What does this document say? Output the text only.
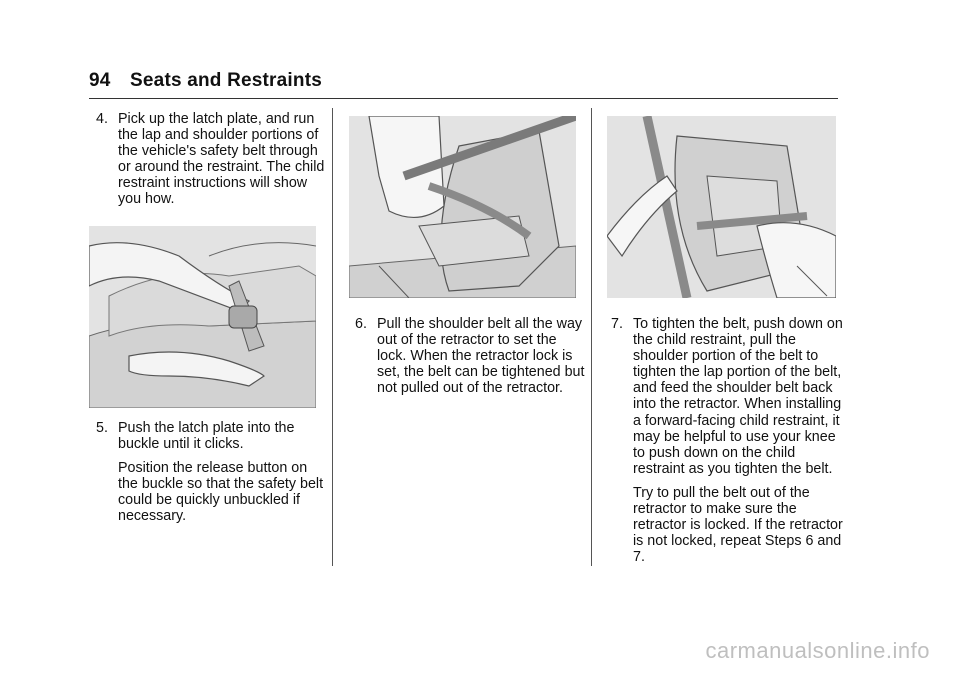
94 Seats and Restraints
4. Pick up the latch plate, and run the lap and shoulder portions of the vehicle's safety belt through or around the restraint. The child restraint instructions will show you how.
5. Push the latch plate into the buckle until it clicks.
Position the release button on the buckle so that the safety belt could be quickly unbuckled if necessary.
6. Pull the shoulder belt all the way out of the retractor to set the lock. When the retractor lock is set, the belt can be tightened but not pulled out of the retractor.
7. To tighten the belt, push down on the child restraint, pull the shoulder portion of the belt to tighten the lap portion of the belt, and feed the shoulder belt back into the retractor. When installing a forward-facing child restraint, it may be helpful to use your knee to push down on the child restraint as you tighten the belt.
Try to pull the belt out of the retractor to make sure the retractor is locked. If the retractor is not locked, repeat Steps 6 and 7.
carmanualsonline.info
